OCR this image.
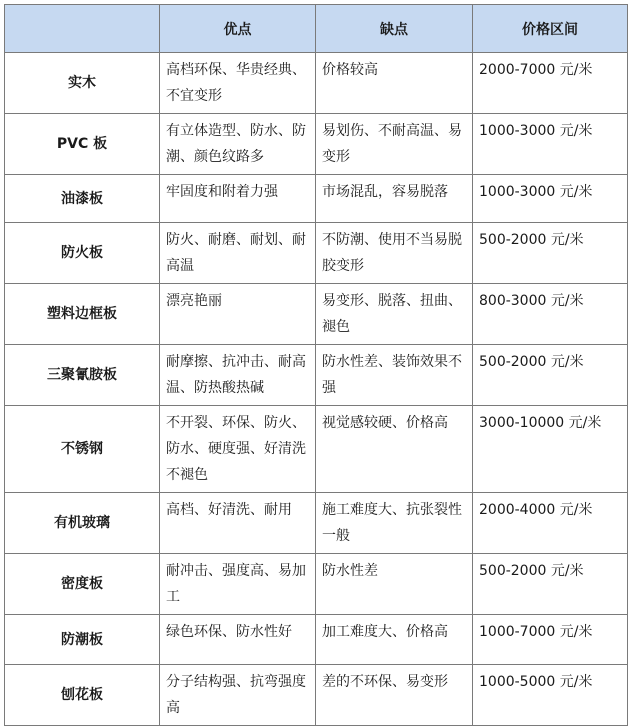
	优点	缺点	价格区间
实木	高档环保、华贵经典、不宜变形	价格较高	2000-7000 元/米
PVC 板	有立体造型、防水、防潮、颜色纹路多	易划伤、不耐高温、易变形	1000-3000 元/米
油漆板	牢固度和附着力强	市场混乱，容易脱落	1000-3000 元/米
防火板	防火、耐磨、耐划、耐高温	不防潮、使用不当易脱胶变形	500-2000 元/米
塑料边框板	漂亮艳丽	易变形、脱落、扭曲、褪色	800-3000 元/米
三聚氰胺板	耐摩擦、抗冲击、耐高温、防热酸热碱	防水性差、装饰效果不强	500-2000 元/米
不锈钢	不开裂、环保、防火、防水、硬度强、好清洗不褪色	视觉感较硬、价格高	3000-10000 元/米
有机玻璃	高档、好清洗、耐用	施工难度大、抗张裂性一般	2000-4000 元/米
密度板	耐冲击、强度高、易加工	防水性差	500-2000 元/米
防潮板	绿色环保、防水性好	加工难度大、价格高	1000-7000 元/米
刨花板	分子结构强、抗弯强度高	差的不环保、易变形	1000-5000 元/米
